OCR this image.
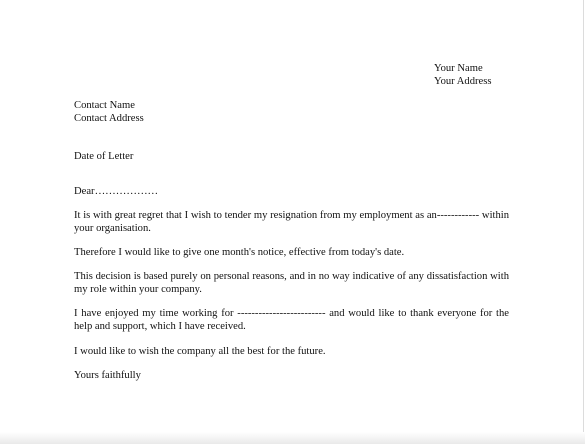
Your Name
Your Address
Contact Name
Contact Address
Date of Letter
Dear………………
It is with great regret that I wish to tender my resignation from my employment as an------------ within your organisation.
Therefore I would like to give one month's notice, effective from today's date.
This decision is based purely on personal reasons, and in no way indicative of any dissatisfaction with my role within your company.
I have enjoyed my time working for ------------------------- and would like to thank everyone for the help and support, which I have received.
I would like to wish the company all the best for the future.
Yours faithfully
